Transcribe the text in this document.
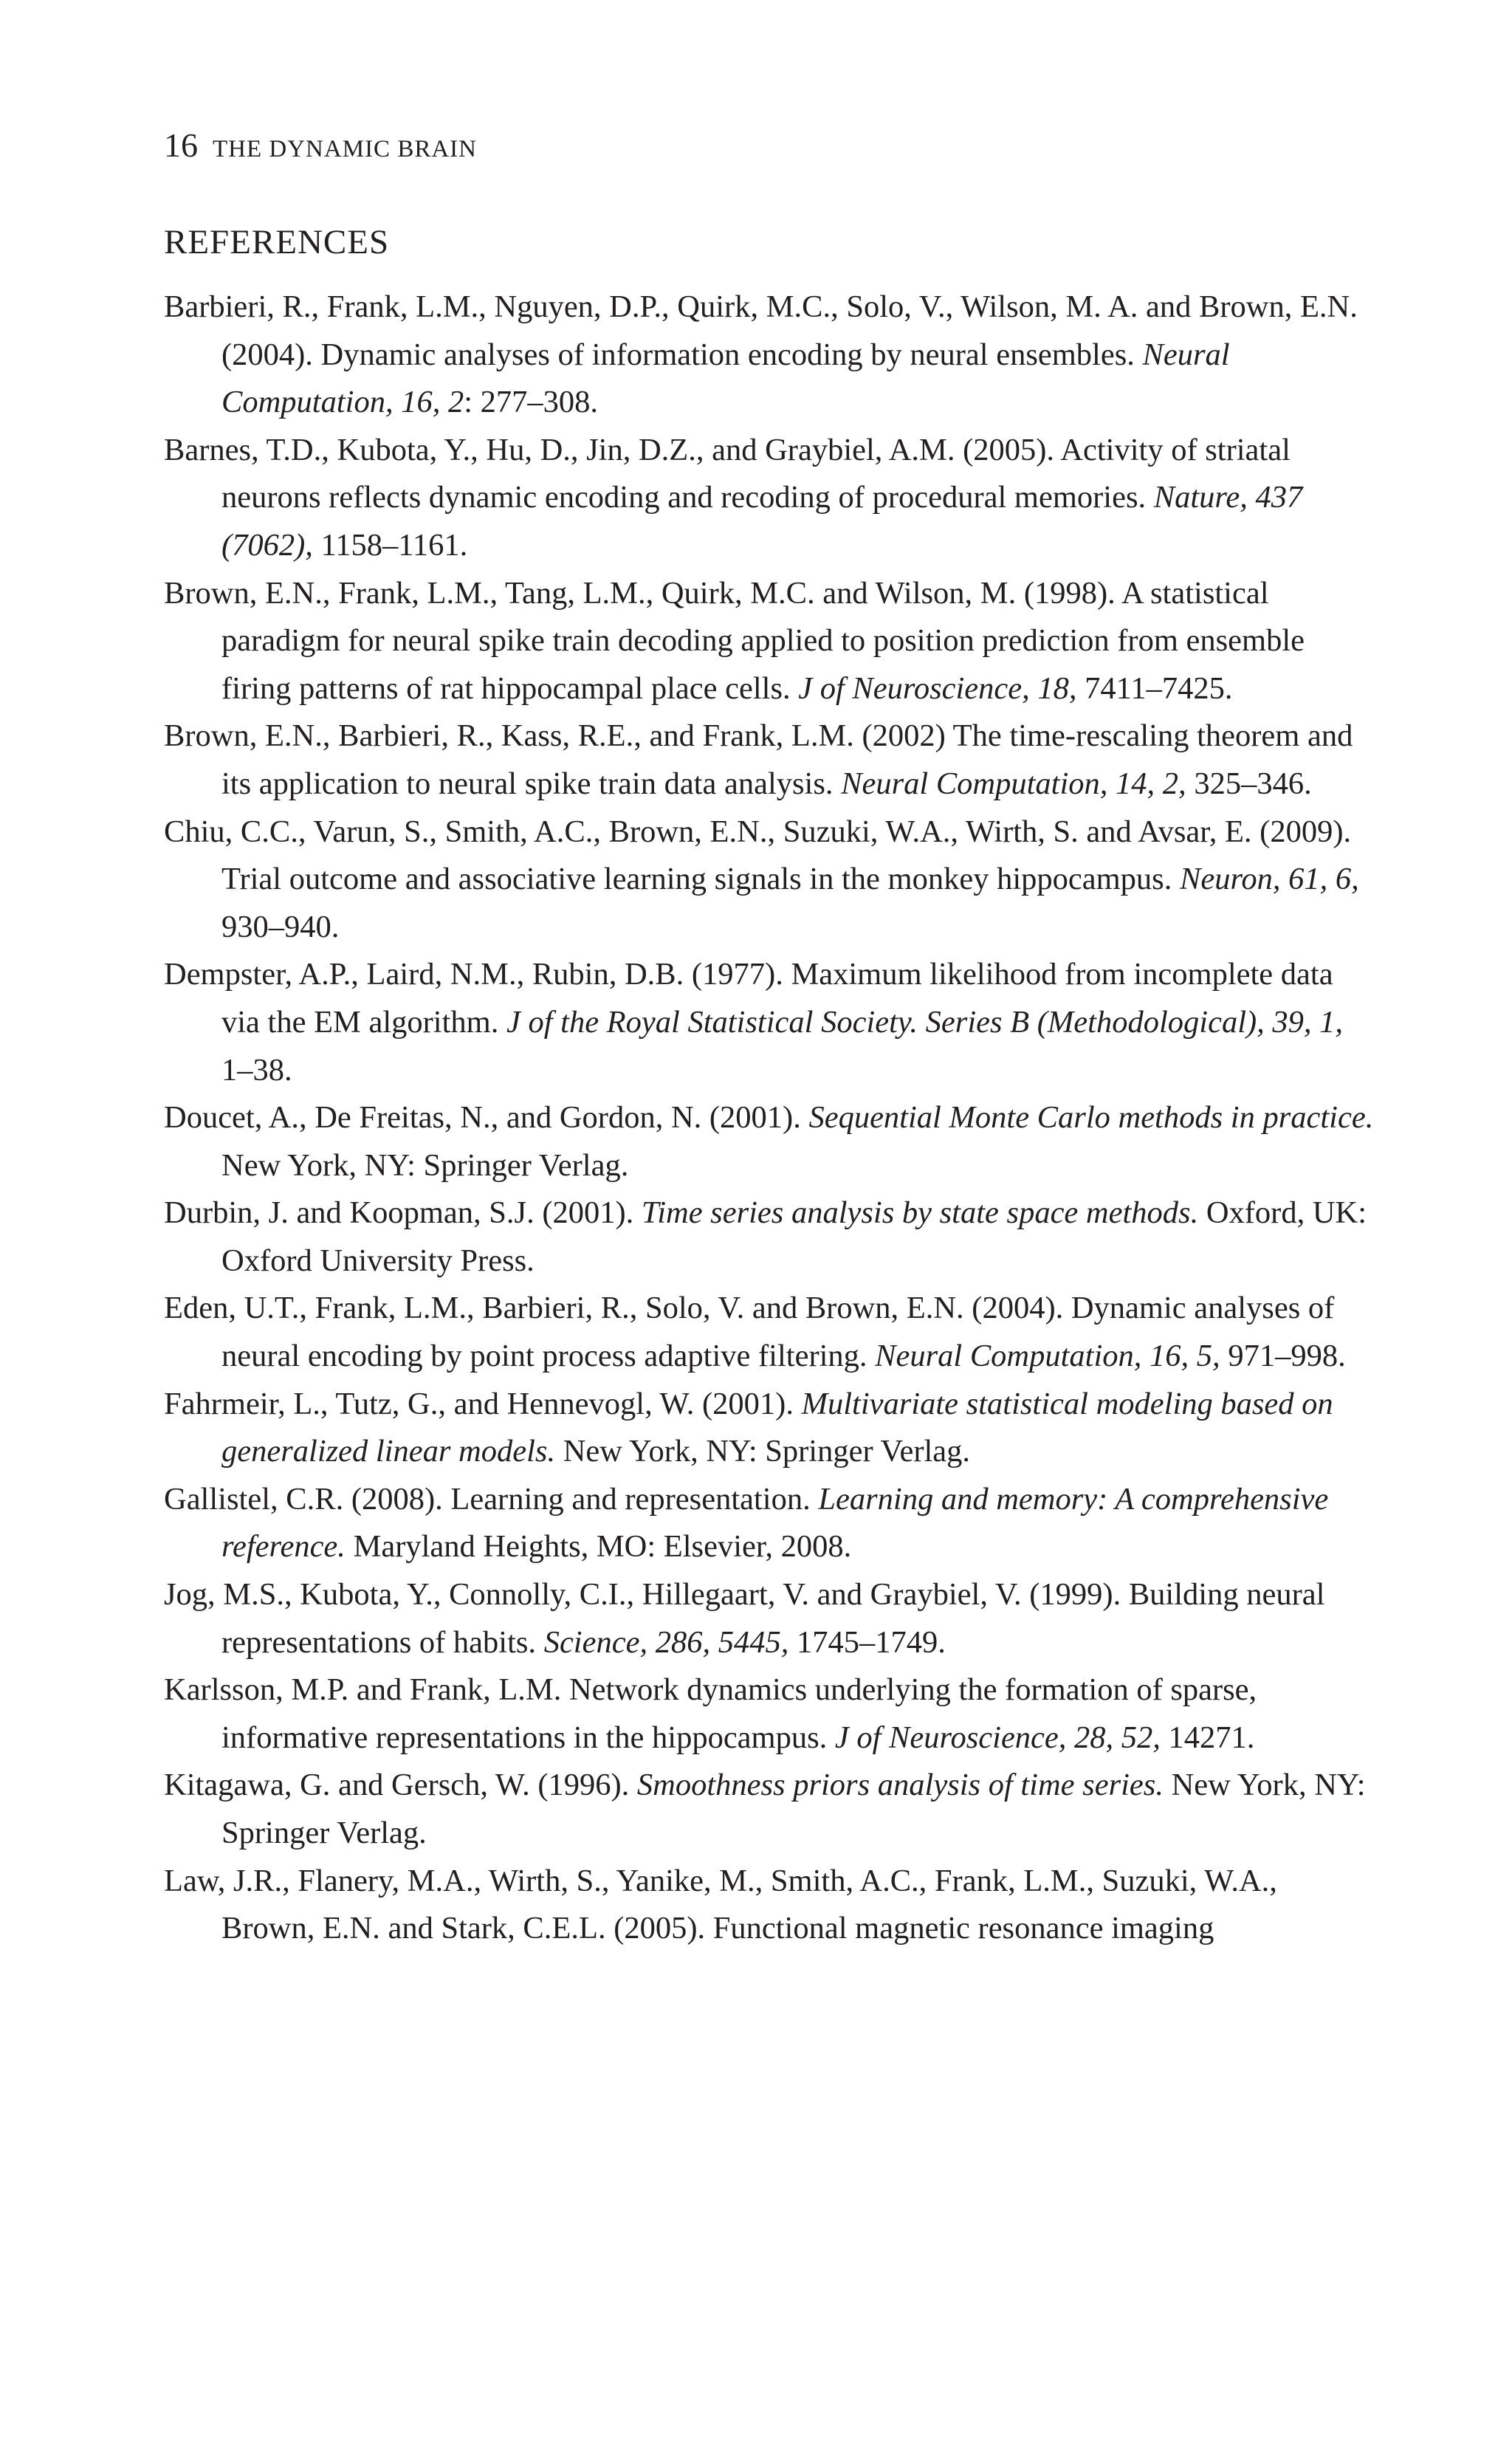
16 THE DYNAMIC BRAIN
REFERENCES
Barbieri, R., Frank, L.M., Nguyen, D.P., Quirk, M.C., Solo, V., Wilson, M. A. and Brown, E.N. (2004). Dynamic analyses of information encoding by neural ensembles. Neural Computation, 16, 2: 277–308.
Barnes, T.D., Kubota, Y., Hu, D., Jin, D.Z., and Graybiel, A.M. (2005). Activity of striatal neurons reflects dynamic encoding and recoding of procedural memories. Nature, 437 (7062), 1158–1161.
Brown, E.N., Frank, L.M., Tang, L.M., Quirk, M.C. and Wilson, M. (1998). A statistical paradigm for neural spike train decoding applied to position prediction from ensemble firing patterns of rat hippocampal place cells. J of Neuroscience, 18, 7411–7425.
Brown, E.N., Barbieri, R., Kass, R.E., and Frank, L.M. (2002) The time-rescaling theorem and its application to neural spike train data analysis. Neural Computation, 14, 2, 325–346.
Chiu, C.C., Varun, S., Smith, A.C., Brown, E.N., Suzuki, W.A., Wirth, S. and Avsar, E. (2009). Trial outcome and associative learning signals in the monkey hippocampus. Neuron, 61, 6, 930–940.
Dempster, A.P., Laird, N.M., Rubin, D.B. (1977). Maximum likelihood from incomplete data via the EM algorithm. J of the Royal Statistical Society. Series B (Methodological), 39, 1, 1–38.
Doucet, A., De Freitas, N., and Gordon, N. (2001). Sequential Monte Carlo methods in practice. New York, NY: Springer Verlag.
Durbin, J. and Koopman, S.J. (2001). Time series analysis by state space methods. Oxford, UK: Oxford University Press.
Eden, U.T., Frank, L.M., Barbieri, R., Solo, V. and Brown, E.N. (2004). Dynamic analyses of neural encoding by point process adaptive filtering. Neural Computation, 16, 5, 971–998.
Fahrmeir, L., Tutz, G., and Hennevogl, W. (2001). Multivariate statistical modeling based on generalized linear models. New York, NY: Springer Verlag.
Gallistel, C.R. (2008). Learning and representation. Learning and memory: A comprehensive reference. Maryland Heights, MO: Elsevier, 2008.
Jog, M.S., Kubota, Y., Connolly, C.I., Hillegaart, V. and Graybiel, V. (1999). Building neural representations of habits. Science, 286, 5445, 1745–1749.
Karlsson, M.P. and Frank, L.M. Network dynamics underlying the formation of sparse, informative representations in the hippocampus. J of Neuroscience, 28, 52, 14271.
Kitagawa, G. and Gersch, W. (1996). Smoothness priors analysis of time series. New York, NY: Springer Verlag.
Law, J.R., Flanery, M.A., Wirth, S., Yanike, M., Smith, A.C., Frank, L.M., Suzuki, W.A., Brown, E.N. and Stark, C.E.L. (2005). Functional magnetic resonance imaging
